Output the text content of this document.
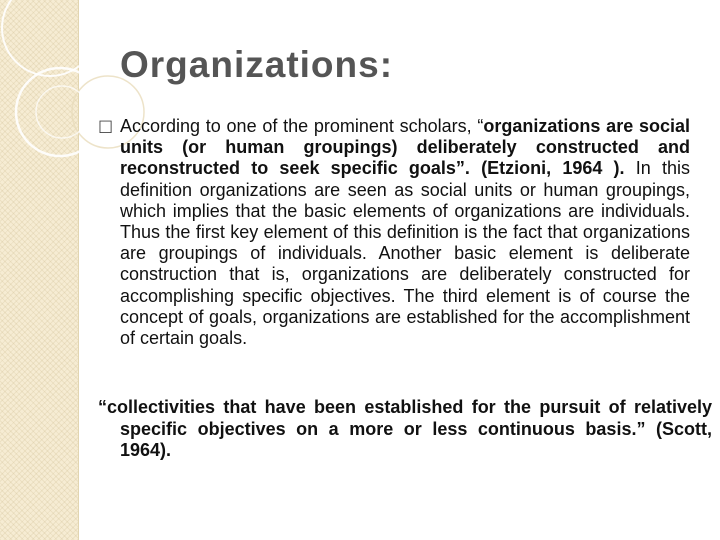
Organizations:

☐ According to one of the prominent scholars, “organizations are social units (or human groupings) deliberately constructed and reconstructed to seek specific goals”. (Etzioni, 1964 ). In this definition organizations are seen as social units or human groupings, which implies that the basic elements of organizations are individuals. Thus the first key element of this definition is the fact that organizations are groupings of individuals. Another basic element is deliberate construction that is, organizations are deliberately constructed for accomplishing specific objectives. The third element is of course the concept of goals, organizations are established for the accomplishment of certain goals.

“collectivities that have been established for the pursuit of relatively specific objectives on a more or less continuous basis.” (Scott, 1964).
